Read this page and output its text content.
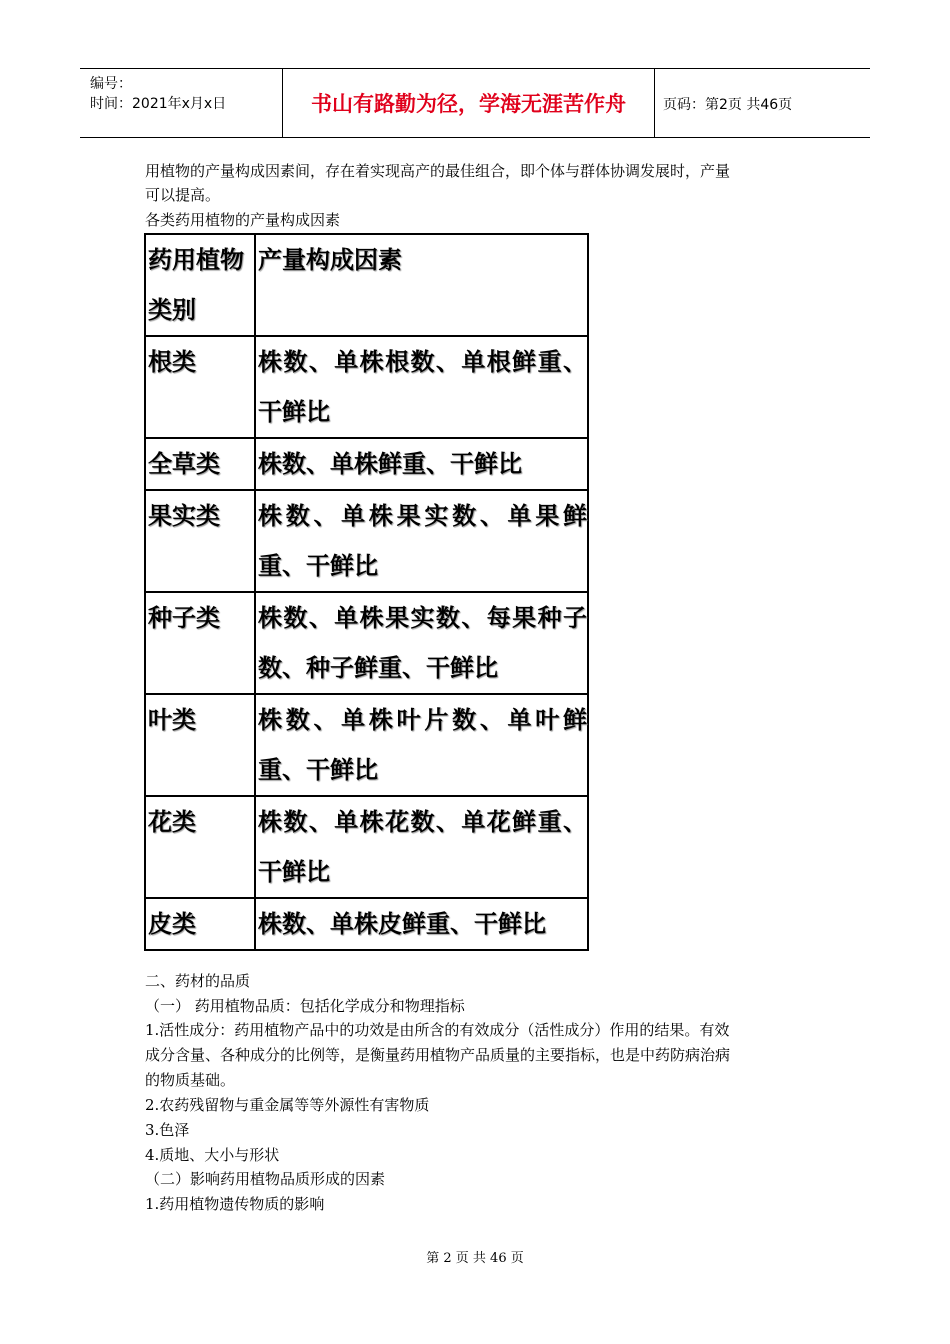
编号：
时间：2021年x月x日	书山有路勤为径，学海无涯苦作舟	页码：第2页 共46页
用植物的产量构成因素间，存在着实现高产的最佳组合，即个体与群体协调发展时，产量
可以提高。
各类药用植物的产量构成因素
药用植物类别	产量构成因素

根类	株数、单株根数、单根鲜重、干鲜比

全草类	株数、单株鲜重、干鲜比

果实类	株数、单株果实数、单果鲜重、干鲜比

种子类	株数、单株果实数、每果种子数、种子鲜重、干鲜比

叶类	株数、单株叶片数、单叶鲜重、干鲜比

花类	株数、单株花数、单花鲜重、干鲜比

皮类	株数、单株皮鲜重、干鲜比
二、药材的品质
（一） 药用植物品质：包括化学成分和物理指标
1.活性成分：药用植物产品中的功效是由所含的有效成分（活性成分）作用的结果。有效
成分含量、各种成分的比例等，是衡量药用植物产品质量的主要指标，也是中药防病治病
的物质基础。
2.农药残留物与重金属等等外源性有害物质
3.色泽
4.质地、大小与形状
（二）影响药用植物品质形成的因素
1.药用植物遗传物质的影响
第 2 页 共 46 页
